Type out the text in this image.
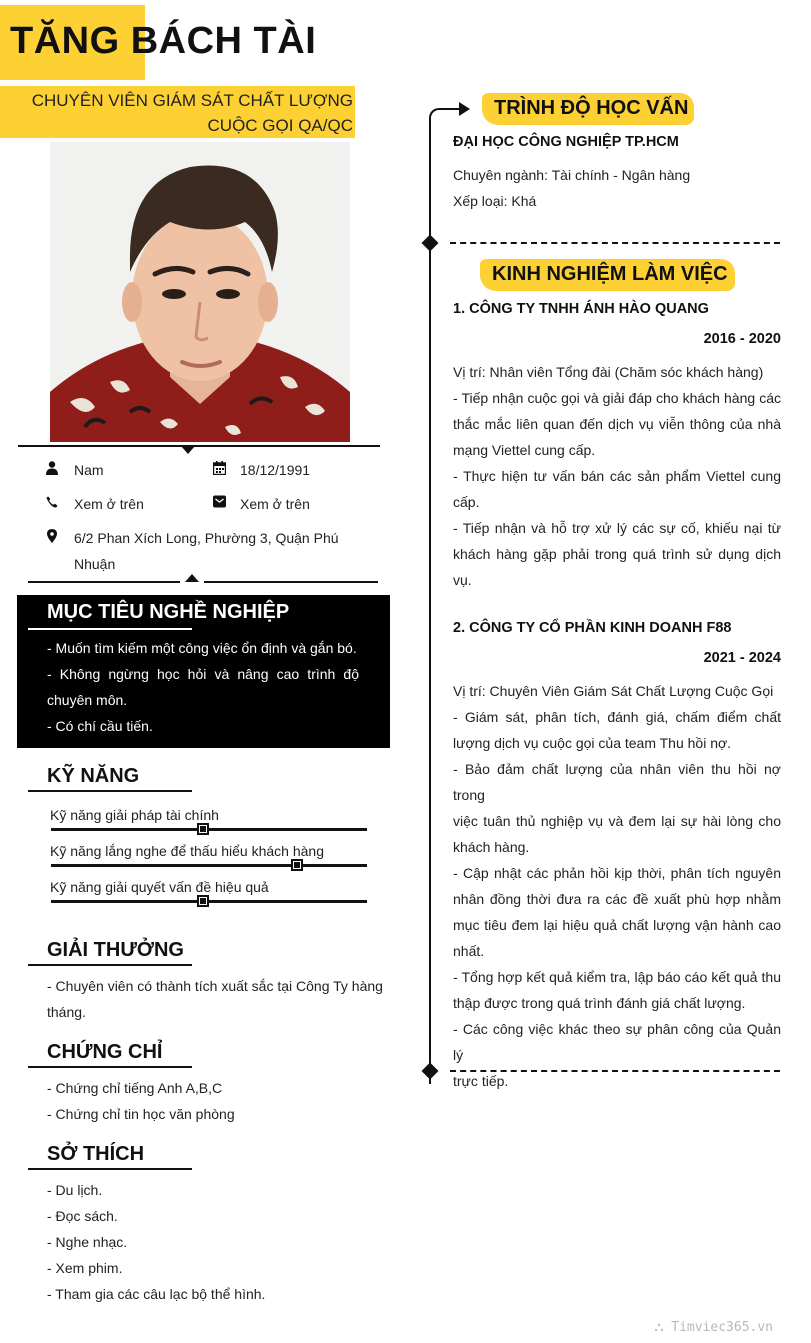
TĂNG BÁCH TÀI
CHUYÊN VIÊN GIÁM SÁT CHẤT LƯỢNG
CUỘC GỌI QA/QC
Nam	18/12/1991
Xem ở trên	Xem ở trên
6/2 Phan Xích Long, Phường 3, Quận Phú
Nhuận
MỤC TIÊU NGHỀ NGHIỆP
- Muốn tìm kiếm một công việc ổn định và gắn bó.
- Không ngừng học hỏi và nâng cao trình độ
chuyên môn.
- Có chí cầu tiến.
KỸ NĂNG
Kỹ năng giải pháp tài chính
Kỹ năng lắng nghe để thấu hiểu khách hàng
Kỹ năng giải quyết vấn đề hiệu quả
GIẢI THƯỞNG
- Chuyên viên có thành tích xuất sắc tại Công Ty hàng
tháng.
CHỨNG CHỈ
- Chứng chỉ tiếng Anh A,B,C
- Chứng chỉ tin học văn phòng
SỞ THÍCH
- Du lịch.
- Đọc sách.
- Nghe nhạc.
- Xem phim.
- Tham gia các câu lạc bộ thể hình.
TRÌNH ĐỘ HỌC VẤN
ĐẠI HỌC CÔNG NGHIỆP TP.HCM
Chuyên ngành: Tài chính - Ngân hàng
Xếp loại: Khá
KINH NGHIỆM LÀM VIỆC
1. CÔNG TY TNHH ÁNH HÀO QUANG
2016 - 2020
Vị trí: Nhân viên Tổng đài (Chăm sóc khách hàng)
- Tiếp nhận cuộc gọi và giải đáp cho khách hàng các
thắc mắc liên quan đến dịch vụ viễn thông của nhà
mạng Viettel cung cấp.
- Thực hiện tư vấn bán các sản phẩm Viettel cung
cấp.
- Tiếp nhận và hỗ trợ xử lý các sự cố, khiếu nại từ
khách hàng gặp phải trong quá trình sử dụng dịch
vụ.
2. CÔNG TY CỔ PHẦN KINH DOANH F88
2021 - 2024
Vị trí: Chuyên Viên Giám Sát Chất Lượng Cuộc Gọi
- Giám sát, phân tích, đánh giá, chấm điểm chất
lượng dịch vụ cuộc gọi của team Thu hồi nợ.
- Bảo đảm chất lượng của nhân viên thu hồi nợ trong
việc tuân thủ nghiệp vụ và đem lại sự hài lòng cho
khách hàng.
- Cập nhật các phản hồi kịp thời, phân tích nguyên
nhân đồng thời đưa ra các đề xuất phù hợp nhằm
mục tiêu đem lại hiệu quả chất lượng vận hành cao
nhất.
- Tổng hợp kết quả kiểm tra, lập báo cáo kết quả thu
thập được trong quá trình đánh giá chất lượng.
- Các công việc khác theo sự phân công của Quản lý
trực tiếp.
⛬ Timviec365.vn
